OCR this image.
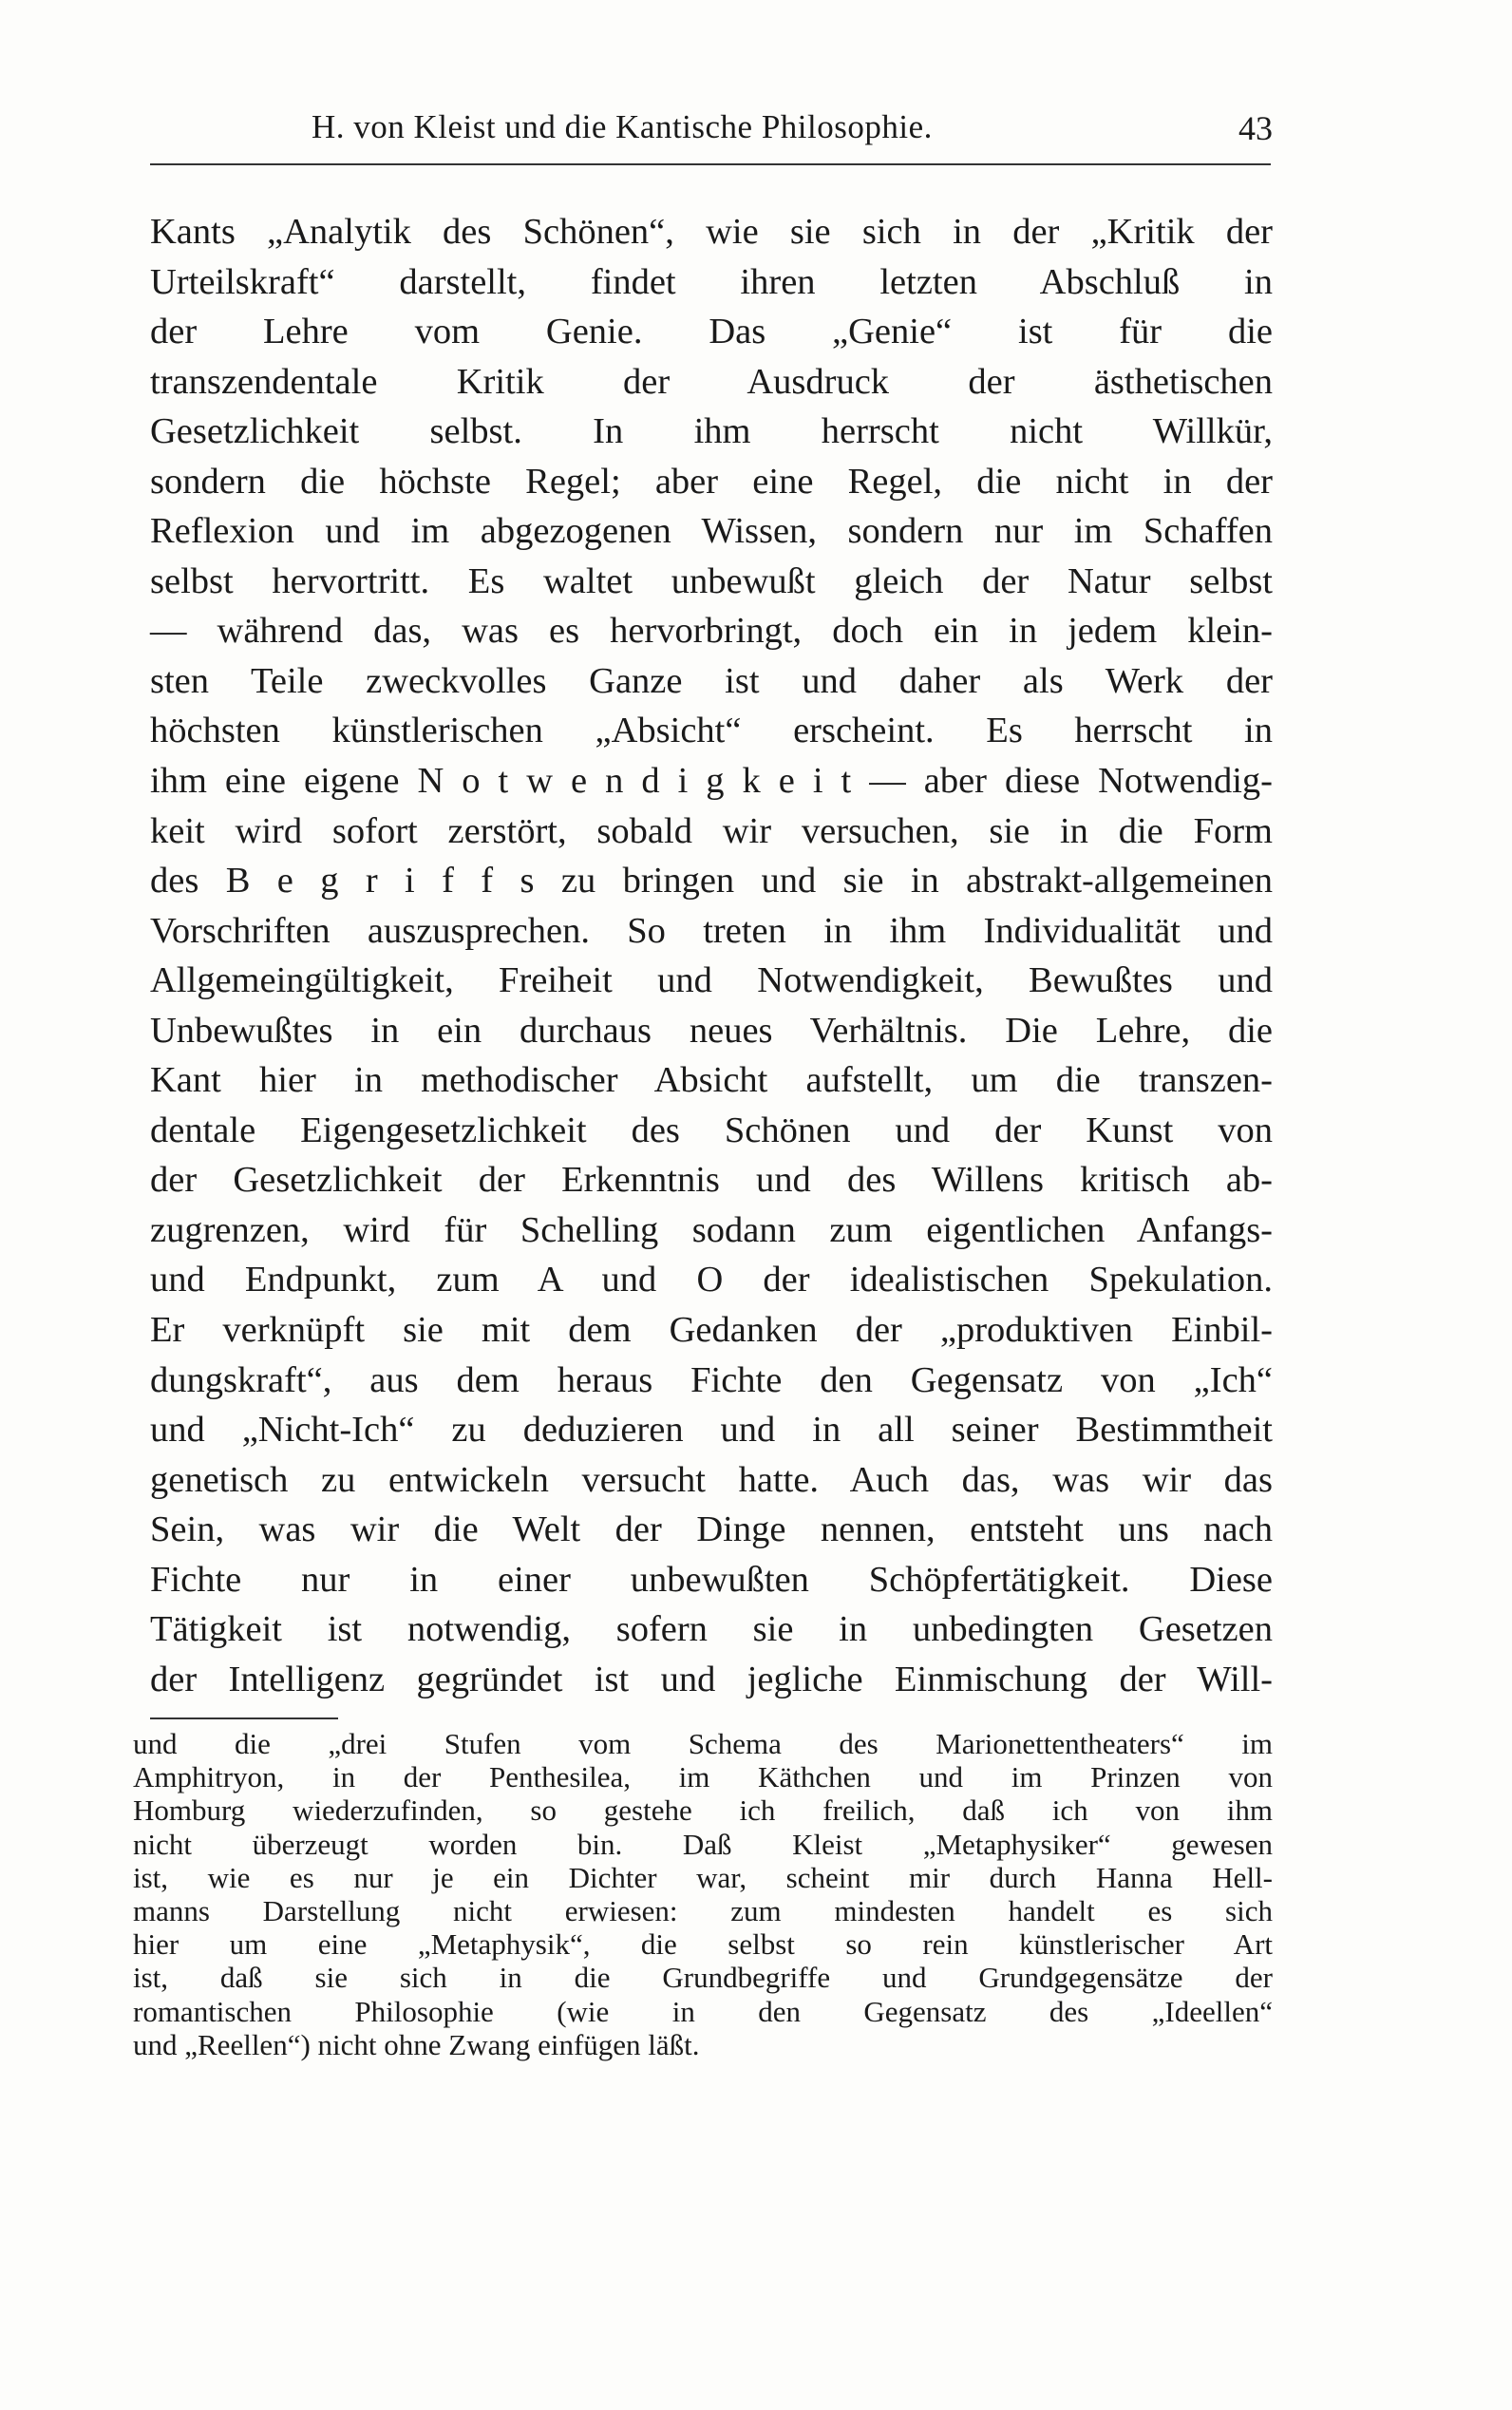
H. von Kleist und die Kantische Philosophie.	43
Kants „Analytik des Schönen“, wie sie sich in der „Kritik der
Urteilskraft“ darstellt, findet ihren letzten Abschluß in
der Lehre vom Genie. Das „Genie“ ist für die
transzendentale Kritik der Ausdruck der ästhetischen
Gesetzlichkeit selbst. In ihm herrscht nicht Willkür,
sondern die höchste Regel; aber eine Regel, die nicht in der
Reflexion und im abgezogenen Wissen, sondern nur im Schaffen
selbst hervortritt. Es waltet unbewußt gleich der Natur selbst
— während das, was es hervorbringt, doch ein in jedem klein-
sten Teile zweckvolles Ganze ist und daher als Werk der
höchsten künstlerischen „Absicht“ erscheint. Es herrscht in
ihm eine eigene N o t w e n d i g k e i t — aber diese Notwendig-
keit wird sofort zerstört, sobald wir versuchen, sie in die Form
des B e g r i f f s zu bringen und sie in abstrakt-allgemeinen
Vorschriften auszusprechen. So treten in ihm Individualität und
Allgemeingültigkeit, Freiheit und Notwendigkeit, Bewußtes und
Unbewußtes in ein durchaus neues Verhältnis. Die Lehre, die
Kant hier in methodischer Absicht aufstellt, um die transzen-
dentale Eigengesetzlichkeit des Schönen und der Kunst von
der Gesetzlichkeit der Erkenntnis und des Willens kritisch ab-
zugrenzen, wird für Schelling sodann zum eigentlichen Anfangs-
und Endpunkt, zum A und O der idealistischen Spekulation.
Er verknüpft sie mit dem Gedanken der „produktiven Einbil-
dungskraft“, aus dem heraus Fichte den Gegensatz von „Ich“
und „Nicht-Ich“ zu deduzieren und in all seiner Bestimmtheit
genetisch zu entwickeln versucht hatte. Auch das, was wir das
Sein, was wir die Welt der Dinge nennen, entsteht uns nach
Fichte nur in einer unbewußten Schöpfertätigkeit. Diese
Tätigkeit ist notwendig, sofern sie in unbedingten Gesetzen
der Intelligenz gegründet ist und jegliche Einmischung der Will-
und die „drei Stufen vom Schema des Marionettentheaters“ im
Amphitryon, in der Penthesilea, im Käthchen und im Prinzen von
Homburg wiederzufinden, so gestehe ich freilich, daß ich von ihm
nicht überzeugt worden bin. Daß Kleist „Metaphysiker“ gewesen
ist, wie es nur je ein Dichter war, scheint mir durch Hanna Hell-
manns Darstellung nicht erwiesen: zum mindesten handelt es sich
hier um eine „Metaphysik“, die selbst so rein künstlerischer Art
ist, daß sie sich in die Grundbegriffe und Grundgegensätze der
romantischen Philosophie (wie in den Gegensatz des „Ideellen“
und „Reellen“) nicht ohne Zwang einfügen läßt.
